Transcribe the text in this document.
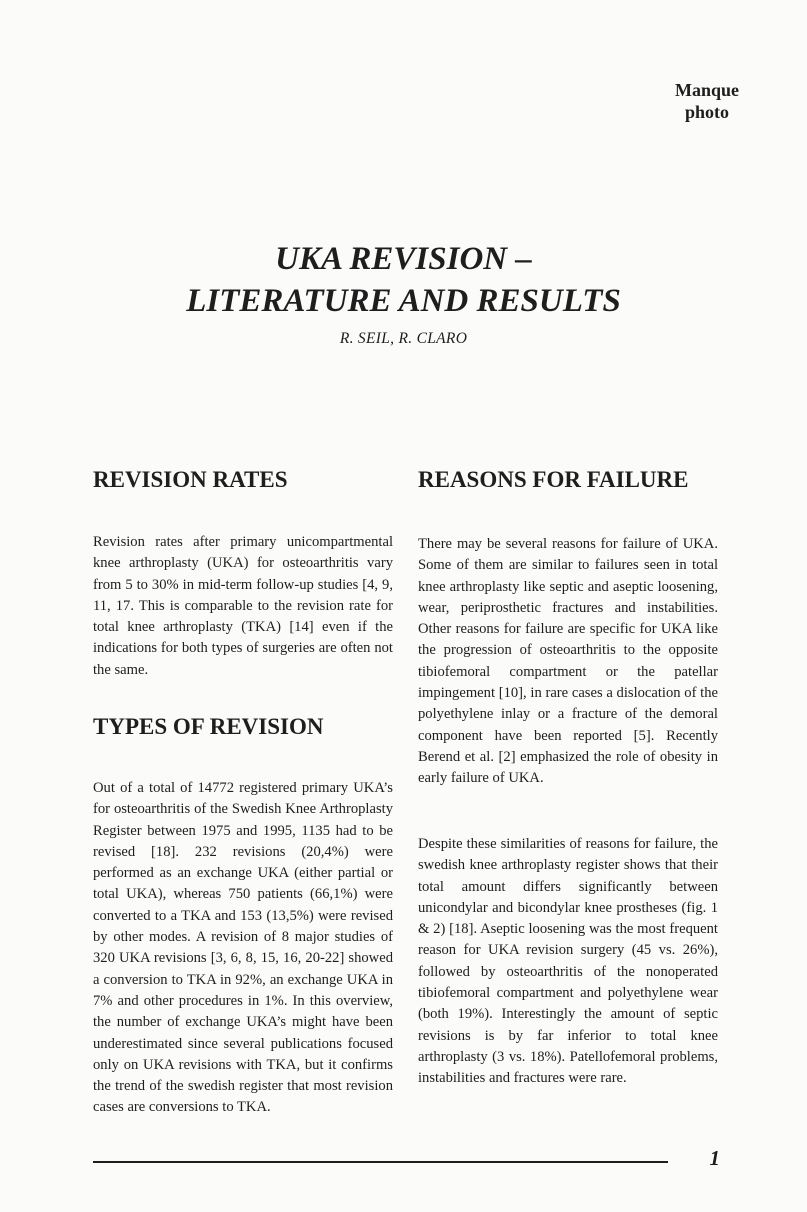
Manque
photo
UKA REVISION –
LITERATURE AND RESULTS
R. SEIL, R. CLARO
REVISION RATES

Revision rates after primary unicompartmental knee arthroplasty (UKA) for osteoarthritis vary from 5 to 30% in mid-term follow-up studies [4, 9, 11, 17. This is comparable to the revision rate for total knee arthroplasty (TKA) [14] even if the indications for both types of surgeries are often not the same.

TYPES OF REVISION

Out of a total of 14772 registered primary UKA’s for osteoarthritis of the Swedish Knee Arthroplasty Register between 1975 and 1995, 1135 had to be revised [18]. 232 revisions (20,4%) were performed as an exchange UKA (either partial or total UKA), whereas 750 patients (66,1%) were converted to a TKA and 153 (13,5%) were revised by other modes. A revision of 8 major studies of 320 UKA revisions [3, 6, 8, 15, 16, 20-22] showed a conversion to TKA in 92%, an exchange UKA in 7% and other procedures in 1%. In this overview, the number of exchange UKA’s might have been underestimated since several publications focused only on UKA revisions with TKA, but it confirms the trend of the swedish register that most revision cases are conversions to TKA.

REASONS FOR FAILURE

There may be several reasons for failure of UKA. Some of them are similar to failures seen in total knee arthroplasty like septic and aseptic loosening, wear, periprosthetic fractures and instabilities. Other reasons for failure are specific for UKA like the progression of osteoarthritis to the opposite tibiofemoral compartment or the patellar impingement [10], in rare cases a dislocation of the polyethylene inlay or a fracture of the demoral component have been reported [5]. Recently Berend et al. [2] emphasized the role of obesity in early failure of UKA.

Despite these similarities of reasons for failure, the swedish knee arthroplasty register shows that their total amount differs significantly between unicondylar and bicondylar knee prostheses (fig. 1 & 2) [18]. Aseptic loosening was the most frequent reason for UKA revision surgery (45 vs. 26%), followed by osteoarthritis of the nonoperated tibiofemoral compartment and polyethylene wear (both 19%). Interestingly the amount of septic revisions is by far inferior to total knee arthroplasty (3 vs. 18%). Patellofemoral problems, instabilities and fractures were rare.

1
